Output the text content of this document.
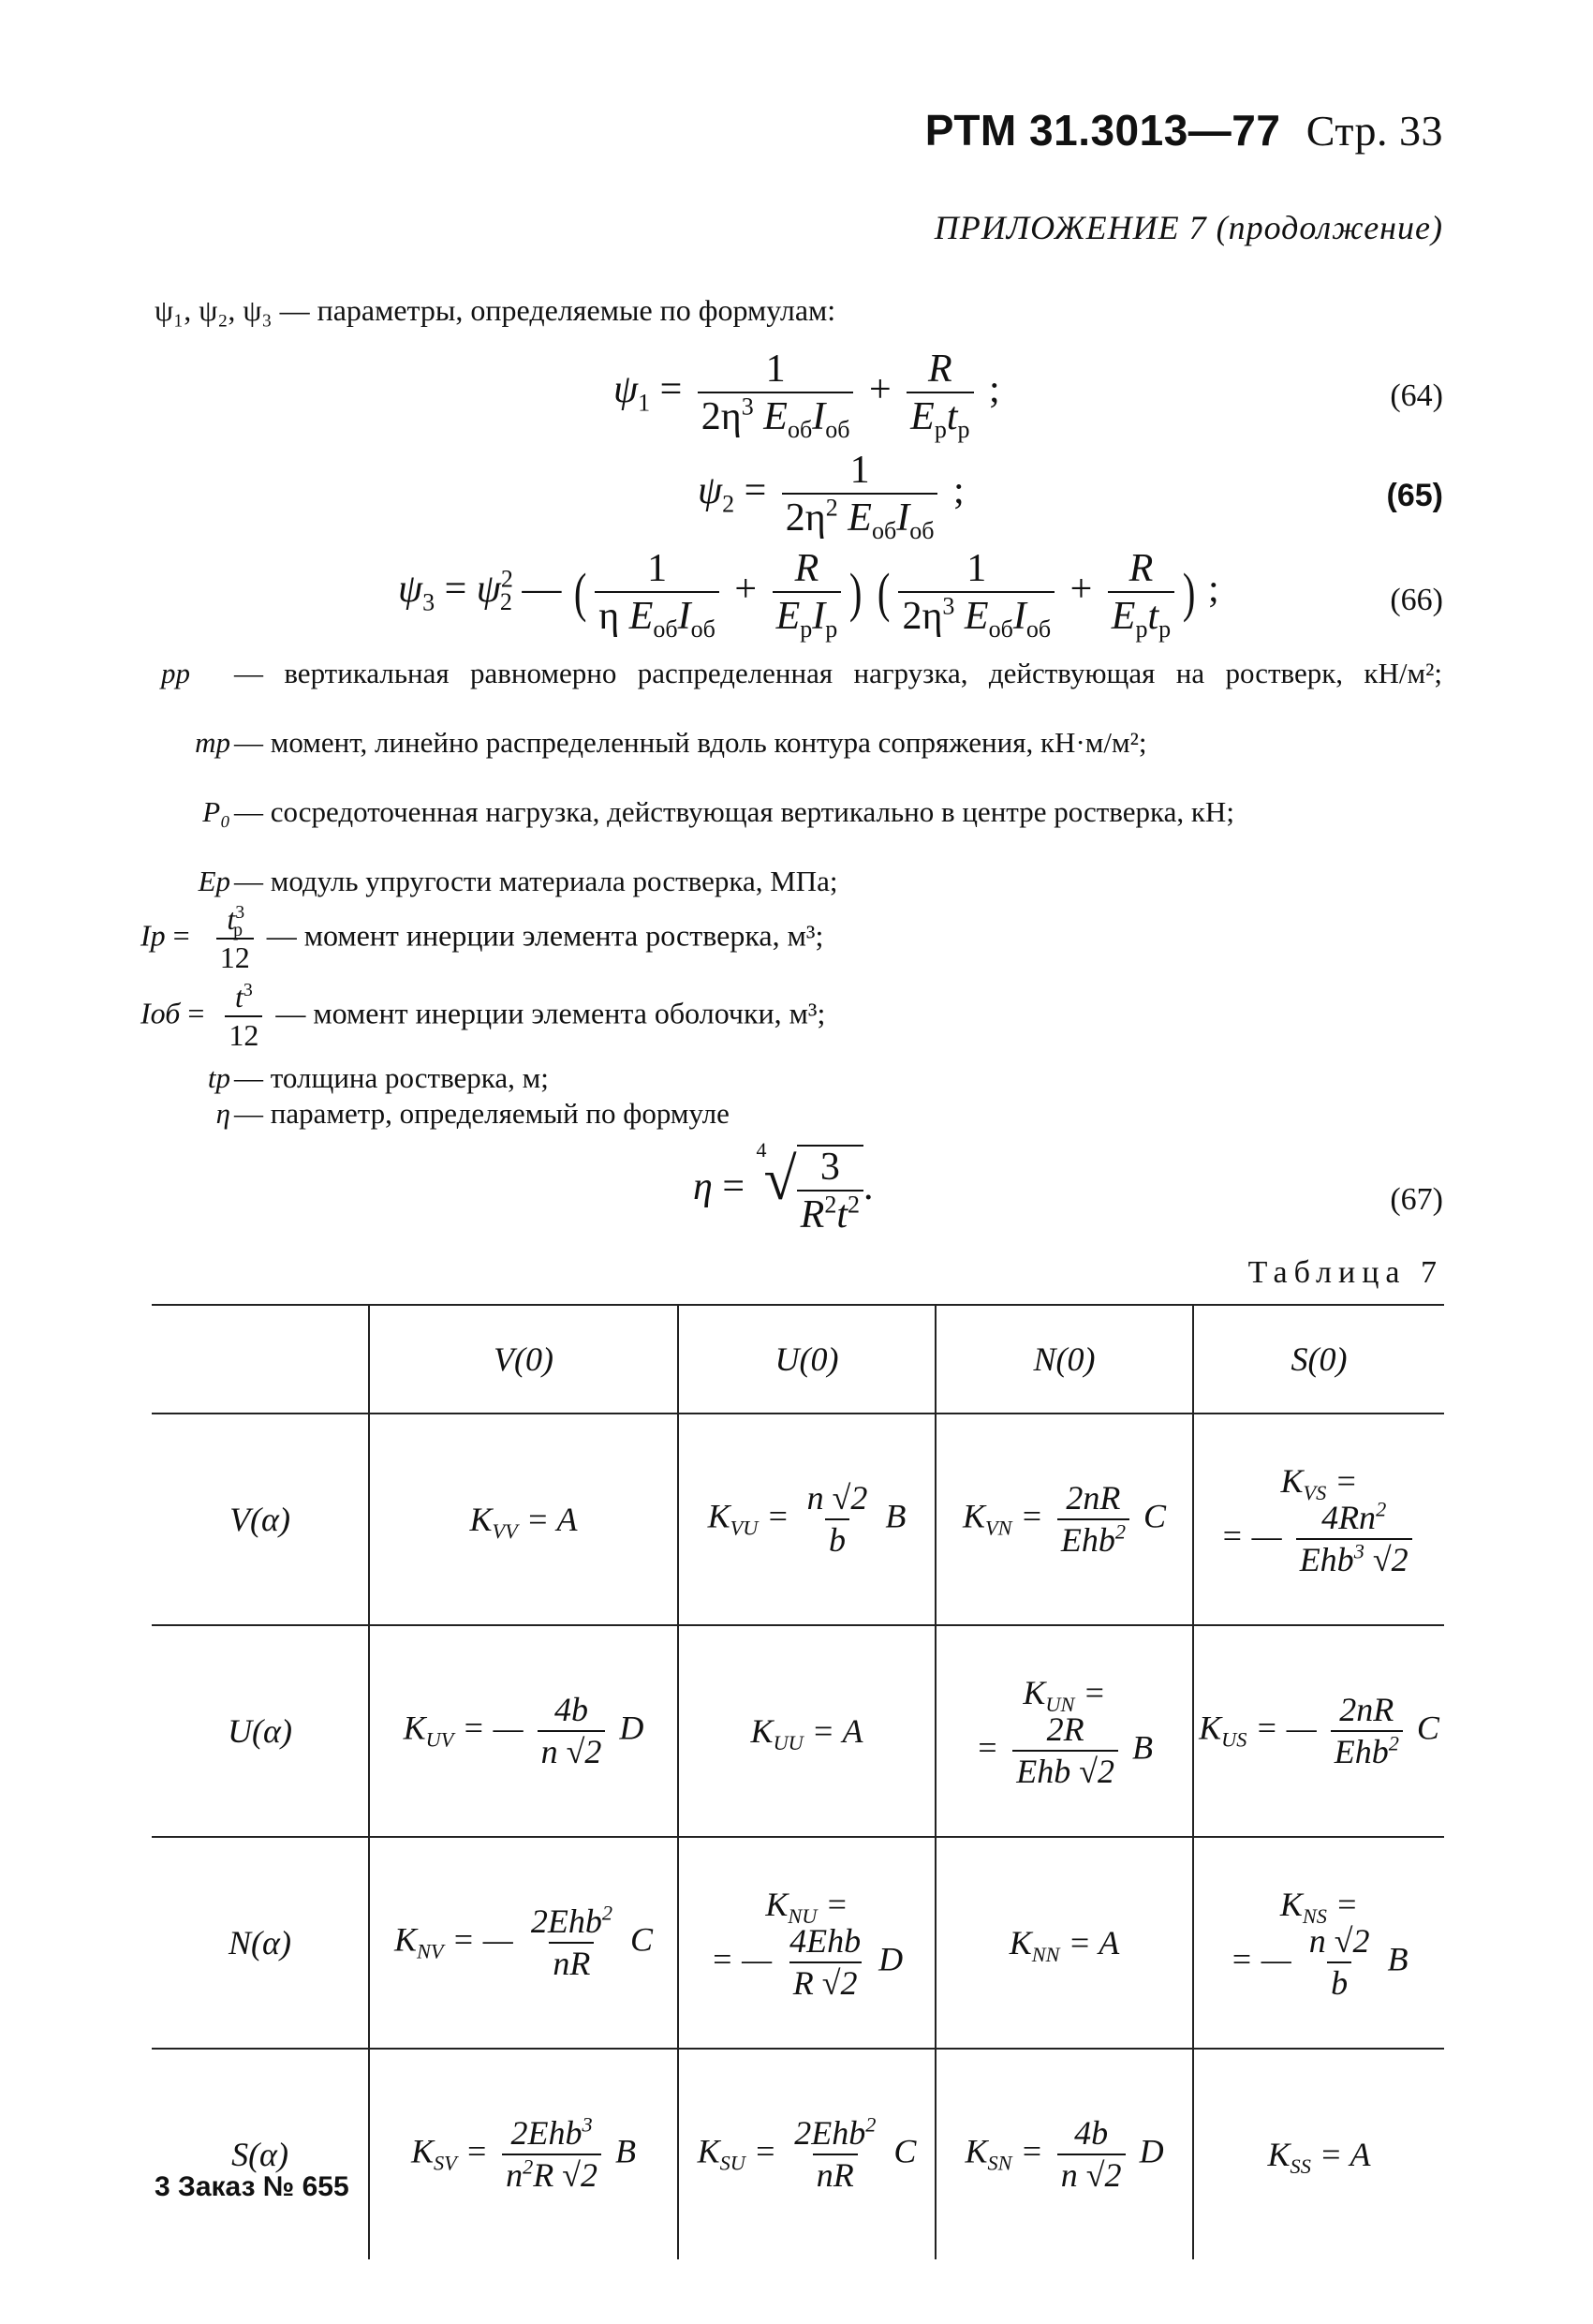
РТМ 31.3013—77 Стр. 33
ПРИЛОЖЕНИЕ 7 (продолжение)
ψ₁, ψ₂, ψ₃ — параметры, определяемые по формулам:
$\psi_1 = \frac{1}{2\eta^3 E_{об}I_{об}} + \frac{R}{E_рt_р}$ ;	(64)
$\psi_2 = \frac{1}{2\eta^2 E_{об}I_{об}}$ ;	(65)
$\psi_3 = \psi^2_2$ — ( $\frac{1}{\eta E_{об}I_{об}} + \frac{R}{E_рI_р}$ ) ( $\frac{1}{2\eta^3 E_{об}I_{об}} + \frac{R}{E_рt_р}$ ) ;	(66)
pр	— вертикальная равномерно распределенная нагрузка, действующая на ростверк, кН/м²;
mр — момент, линейно распределенный вдоль контура сопряжения, кН·м/м²;
P₀ — сосредоточенная нагрузка, действующая вертикально в центре ростверка, кН;
Eр — модуль упругости материала ростверка, МПа;
Iр = $\frac{t^3_p}{12}$ — момент инерции элемента ростверка, м³;
Iоб = $\frac{t^3}{12}$ — момент инерции элемента оболочки, м³;
tр — толщина ростверка, м;
η — параметр, определяемый по формуле
η =
4
√ $\frac{3}{R^2t^2}$ .	(67)
Таблица 7
	V(0)	U(0)	N(0)	S(0)
V(α)	$K_{VV} = A$	$K_{VU} = \frac{n √2}{b}$ B	$K_{VN} = \frac{2nR}{Ehb^2}$ C	$K_{VS}$ =
= — $\frac{4Rn^2}{Ehb^3 √2}$

U(α)	$K_{UV}$ = — $\frac{4b}{n √2}$ D	$K_{UU} = A$	$K_{UN}$ =
= $\frac{2R}{\text{Ehb √2}}$ B	$K_{US}$ = — $\frac{2nR}{Ehb^2}$ C
N(α)	$K_{NV}$ = — $\frac{2Ehb^2}{nR}$ C	$K_{NU}$ =
= — $\frac{\text{4Ehb}}{R √2}$ D	$K_{NN} = A$	$K_{NS}$ =
= — $\frac{n √2}{b}$ B
S(α)	$K_{SV} = \frac{2Ehb^3}{n^2R √2}$ B	$K_{SU} = \frac{2Ehb^2}{nR}$ C	$K_{SN} = \frac{4b}{n √2}$ D	$K_{SS} = A$
3 Заказ № 655
